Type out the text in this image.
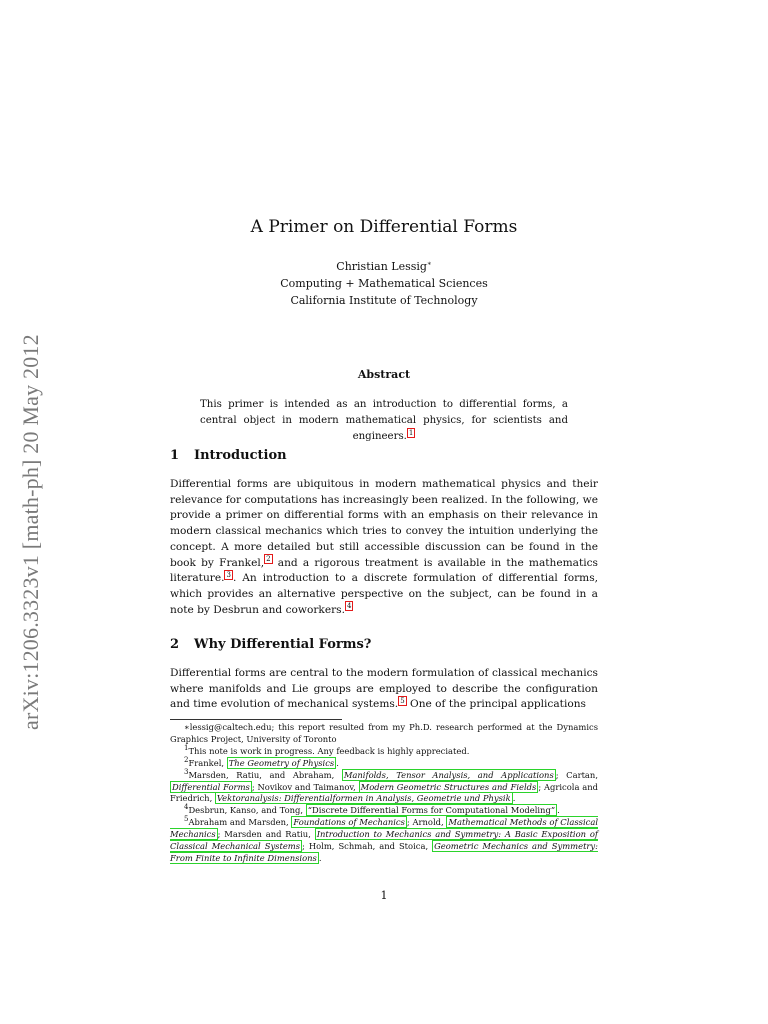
arXiv:1206.3323v1 [math-ph] 20 May 2012
A Primer on Differential Forms
Christian Lessig∗
Computing + Mathematical Sciences
California Institute of Technology
Abstract
This primer is intended as an introduction to differential forms, a central object in modern mathematical physics, for scientists and engineers. $^1$
1 Introduction
Differential forms are ubiquitous in modern mathematical physics and their relevance for computations has increasingly been realized. In the following, we provide a primer on differential forms with an emphasis on their relevance in modern classical mechanics which tries to convey the intuition underlying the concept. A more detailed but still accessible discussion can be found in the book by Frankel, $^2$ and a rigorous treatment is available in the mathematics literature. $^3$ . An introduction to a discrete formulation of differential forms, which provides an alternative perspective on the subject, can be found in a note by Desbrun and coworkers. $^4$
2 Why Differential Forms?
Differential forms are central to the modern formulation of classical mechanics where manifolds and Lie groups are employed to describe the configuration and time evolution of mechanical systems. $^5$ One of the principal applications

∗lessig@caltech.edu; this report resulted from my Ph.D. research performed at the Dynamics Graphics Project, University of Toronto

$^1$This note is work in progress. Any feedback is highly appreciated.

$^2$Frankel, The Geometry of Physics .

$^3$Marsden, Ratiu, and Abraham, Manifolds, Tensor Analysis, and Applications ; Cartan, Differential Forms ; Novikov and Taimanov, Modern Geometric Structures and Fields ; Agricola and Friedrich, Vektoranalysis: Differentialformen in Analysis, Geometrie und Physik .

$^4$Desbrun, Kanso, and Tong, “Discrete Differential Forms for Computational Modeling” .

$^5$Abraham and Marsden, Foundations of Mechanics ; Arnold, Mathematical Methods of Classical Mechanics ; Marsden and Ratiu, Introduction to Mechanics and Symmetry: A Basic Exposition of Classical Mechanical Systems ; Holm, Schmah, and Stoica, Geometric Mechanics and Symmetry: From Finite to Infinite Dimensions .

1
